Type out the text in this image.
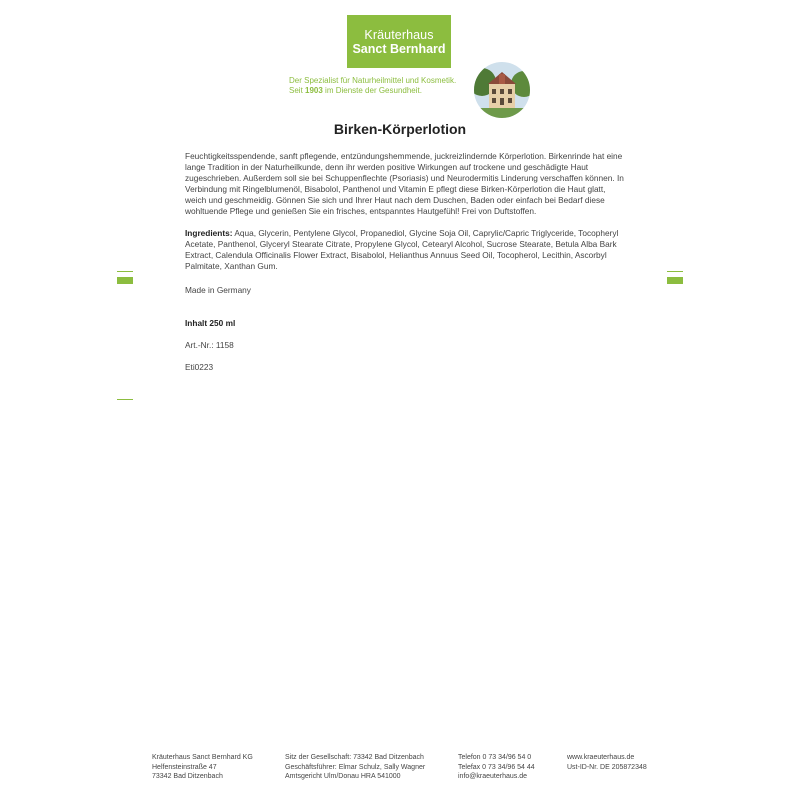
Kräuterhaus
Sanct Bernhard
Der Spezialist für Naturheilmittel und Kosmetik.
Seit 1903 im Dienste der Gesundheit.
Birken-Körperlotion

Feuchtigkeitsspendende, sanft pflegende, entzündungshemmende, juckreizlindernde Körperlotion. Birkenrinde hat eine lange Tradition in der Naturheilkunde, denn ihr werden positive Wirkungen auf trockene und geschädigte Haut zugeschrieben. Außerdem soll sie bei Schuppenflechte (Psoriasis) und Neurodermitis Linderung verschaffen können. In Verbindung mit Ringelblumenöl, Bisabolol, Panthenol und Vitamin E pflegt diese Birken-Körperlotion die Haut glatt, weich und geschmeidig. Gönnen Sie sich und Ihrer Haut nach dem Duschen, Baden oder einfach bei Bedarf diese wohltuende Pflege und genießen Sie ein frisches, entspanntes Hautgefühl! Frei von Duftstoffen.

Ingredients: Aqua, Glycerin, Pentylene Glycol, Propanediol, Glycine Soja Oil, Caprylic/Capric Triglyceride, Tocopheryl Acetate, Panthenol, Glyceryl Stearate Citrate, Propylene Glycol, Cetearyl Alcohol, Sucrose Stearate, Betula Alba Bark Extract, Calendula Officinalis Flower Extract, Bisabolol, Helianthus Annuus Seed Oil, Tocopherol, Lecithin, Ascorbyl Palmitate, Xanthan Gum.
Made in Germany
Inhalt 250 ml
Art.-Nr.: 1158
Eti0223
Kräuterhaus Sanct Bernhard KG
Helfensteinstraße 47
73342 Bad Ditzenbach
Sitz der Gesellschaft: 73342 Bad Ditzenbach
Geschäftsführer: Elmar Schulz, Sally Wagner
Amtsgericht Ulm/Donau HRA 541000
Telefon 0 73 34/96 54 0
Telefax 0 73 34/96 54 44
info@kraeuterhaus.de
www.kraeuterhaus.de
Ust-ID-Nr. DE 205872348
